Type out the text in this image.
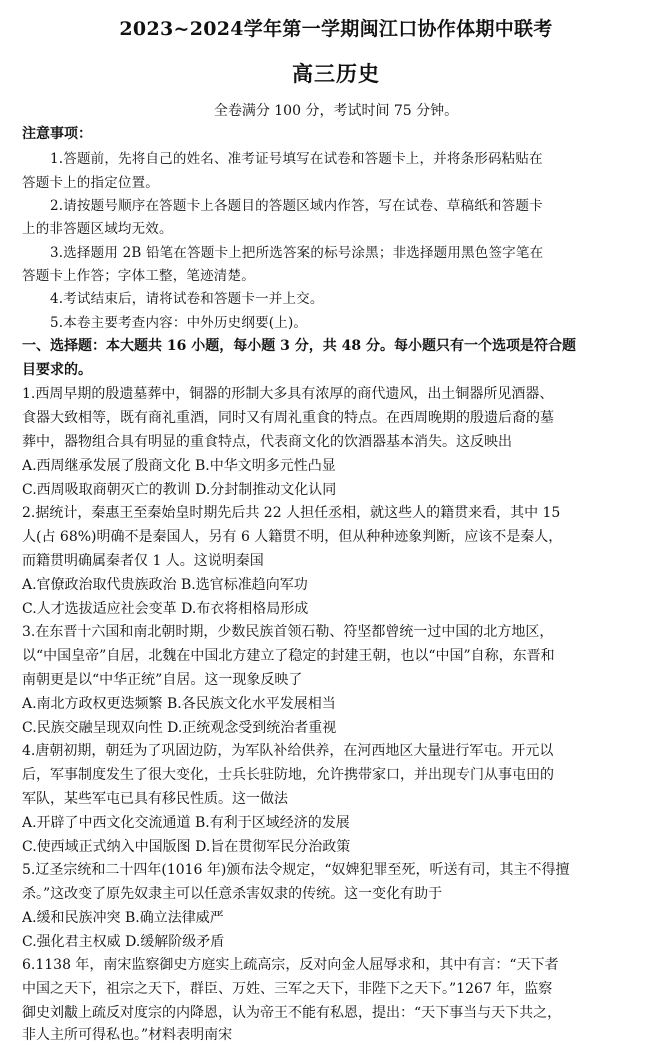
2023~2024学年第一学期闽江口协作体期中联考
高三历史
全卷满分 100 分，考试时间 75 分钟。
注意事项：
1.答题前，先将自己的姓名、准考证号填写在试卷和答题卡上，并将条形码粘贴在
答题卡上的指定位置。
2.请按题号顺序在答题卡上各题目的答题区域内作答，写在试卷、草稿纸和答题卡
上的非答题区域均无效。
3.选择题用 2B 铅笔在答题卡上把所选答案的标号涂黑；非选择题用黑色签字笔在
答题卡上作答；字体工整，笔迹清楚。
4.考试结束后，请将试卷和答题卡一并上交。
5.本卷主要考查内容：中外历史纲要(上)。
一、选择题：本大题共 16 小题，每小题 3 分，共 48 分。每小题只有一个选项是符合题
目要求的。
1.西周早期的殷遗墓葬中，铜器的形制大多具有浓厚的商代遗风，出土铜器所见酒器、
食器大致相等，既有商礼重酒，同时又有周礼重食的特点。在西周晚期的殷遗后裔的墓
葬中，器物组合具有明显的重食特点，代表商文化的饮酒器基本消失。这反映出
A.西周继承发展了殷商文化 B.中华文明多元性凸显
C.西周吸取商朝灭亡的教训 D.分封制推动文化认同
2.据统计，秦惠王至秦始皇时期先后共 22 人担任丞相，就这些人的籍贯来看，其中 15
人(占 68%)明确不是秦国人，另有 6 人籍贯不明，但从种种迹象判断，应该不是秦人，
而籍贯明确属秦者仅 1 人。这说明秦国
A.官僚政治取代贵族政治 B.选官标准趋向军功
C.人才选拔适应社会变革 D.布衣将相格局形成
3.在东晋十六国和南北朝时期，少数民族首领石勒、符坚都曾统一过中国的北方地区，
以“中国皇帝”自居，北魏在中国北方建立了稳定的封建王朝，也以“中国”自称，东晋和
南朝更是以“中华正统”自居。这一现象反映了
A.南北方政权更迭频繁 B.各民族文化水平发展相当
C.民族交融呈现双向性 D.正统观念受到统治者重视
4.唐朝初期，朝廷为了巩固边防，为军队补给供养，在河西地区大量进行军屯。开元以
后，军事制度发生了很大变化，士兵长驻防地，允许携带家口，并出现专门从事屯田的
军队，某些军屯已具有移民性质。这一做法
A.开辟了中西文化交流通道 B.有利于区域经济的发展
C.使西域正式纳入中国版图 D.旨在贯彻军民分治政策
5.辽圣宗统和二十四年(1016 年)颁布法令规定，“奴婢犯罪至死，听送有司，其主不得擅
杀。”这改变了原先奴隶主可以任意杀害奴隶的传统。这一变化有助于
A.缓和民族冲突 B.确立法律威严
C.强化君主权威 D.缓解阶级矛盾
6.1138 年，南宋监察御史方庭实上疏高宗，反对向金人屈辱求和，其中有言：“天下者
中国之天下，祖宗之天下，群臣、万姓、三军之天下，非陛下之天下。”1267 年，监察
御史刘黻上疏反对度宗的内降恩，认为帝王不能有私恩，提出：“天下事当与天下共之，
非人主所可得私也。”材料表明南宋
